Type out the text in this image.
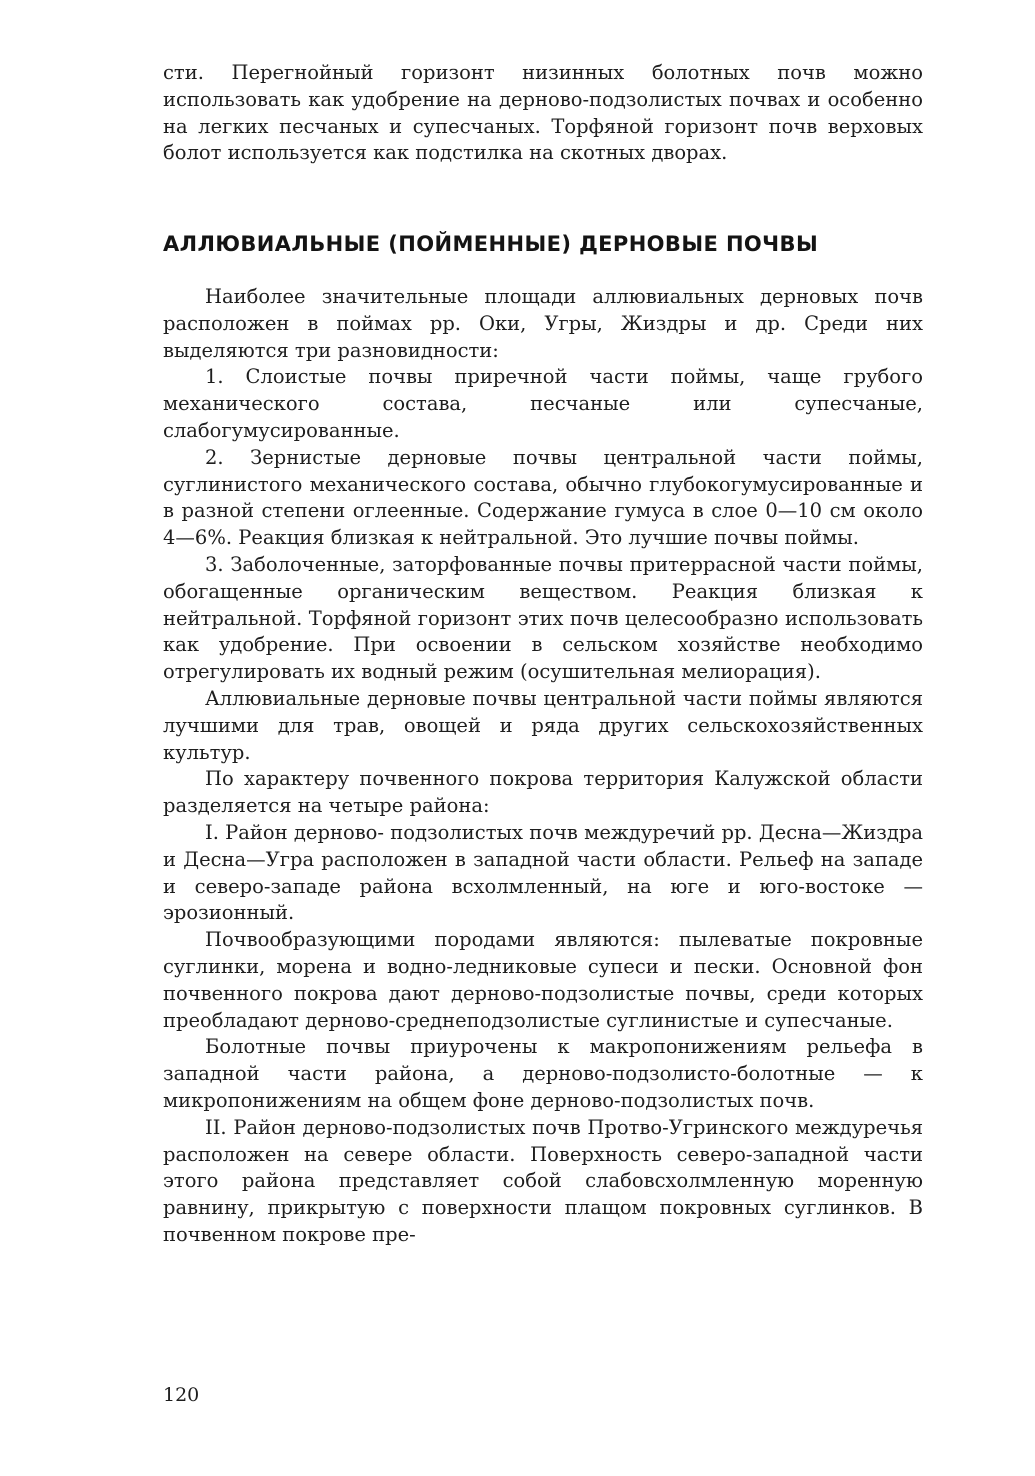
сти. Перегнойный горизонт низинных болотных почв можно использовать как удобрение на дерново-подзолистых почвах и особенно на легких песчаных и супесчаных. Торфяной горизонт почв верховых болот используется как подстилка на скотных дворах.

АЛЛЮВИАЛЬНЫЕ (ПОЙМЕННЫЕ) ДЕРНОВЫЕ ПОЧВЫ

Наиболее значительные площади аллювиальных дерновых почв расположен в поймах рр. Оки, Угры, Жиздры и др. Среди них выделяются три разновидности:

1. Слоистые почвы приречной части поймы, чаще грубого механического состава, песчаные или супесчаные, слабогумусированные.

2. Зернистые дерновые почвы центральной части поймы, суглинистого механического состава, обычно глубокогумусированные и в разной степени оглеенные. Содержание гумуса в слое 0—10 см около 4—6%. Реакция близкая к нейтральной. Это лучшие почвы поймы.

3. Заболоченные, заторфованные почвы притеррасной части поймы, обогащенные органическим веществом. Реакция близкая к нейтральной. Торфяной горизонт этих почв целесообразно использовать как удобрение. При освоении в сельском хозяйстве необходимо отрегулировать их водный режим (осушительная мелиорация).

Аллювиальные дерновые почвы центральной части поймы являются лучшими для трав, овощей и ряда других сельскохозяйственных культур.

По характеру почвенного покрова территория Калужской области разделяется на четыре района:

I. Район дерново- подзолистых почв междуречий рр. Десна—Жиздра и Десна—Угра расположен в западной части области. Рельеф на западе и северо-западе района всхолмленный, на юге и юго-востоке — эрозионный.

Почвообразующими породами являются: пылеватые покровные суглинки, морена и водно-ледниковые супеси и пески. Основной фон почвенного покрова дают дерново-подзолистые почвы, среди которых преобладают дерново-среднеподзолистые суглинистые и супесчаные.

Болотные почвы приурочены к макропонижениям рельефа в западной части района, а дерново-подзолисто-болотные — к микропонижениям на общем фоне дерново-подзолистых почв.

II. Район дерново-подзолистых почв Протво-Угринского междуречья расположен на севере области. Поверхность северо-западной части этого района представляет собой слабовсхолмленную моренную равнину, прикрытую с поверхности плащом покровных суглинков. В почвенном покрове пре-

120
